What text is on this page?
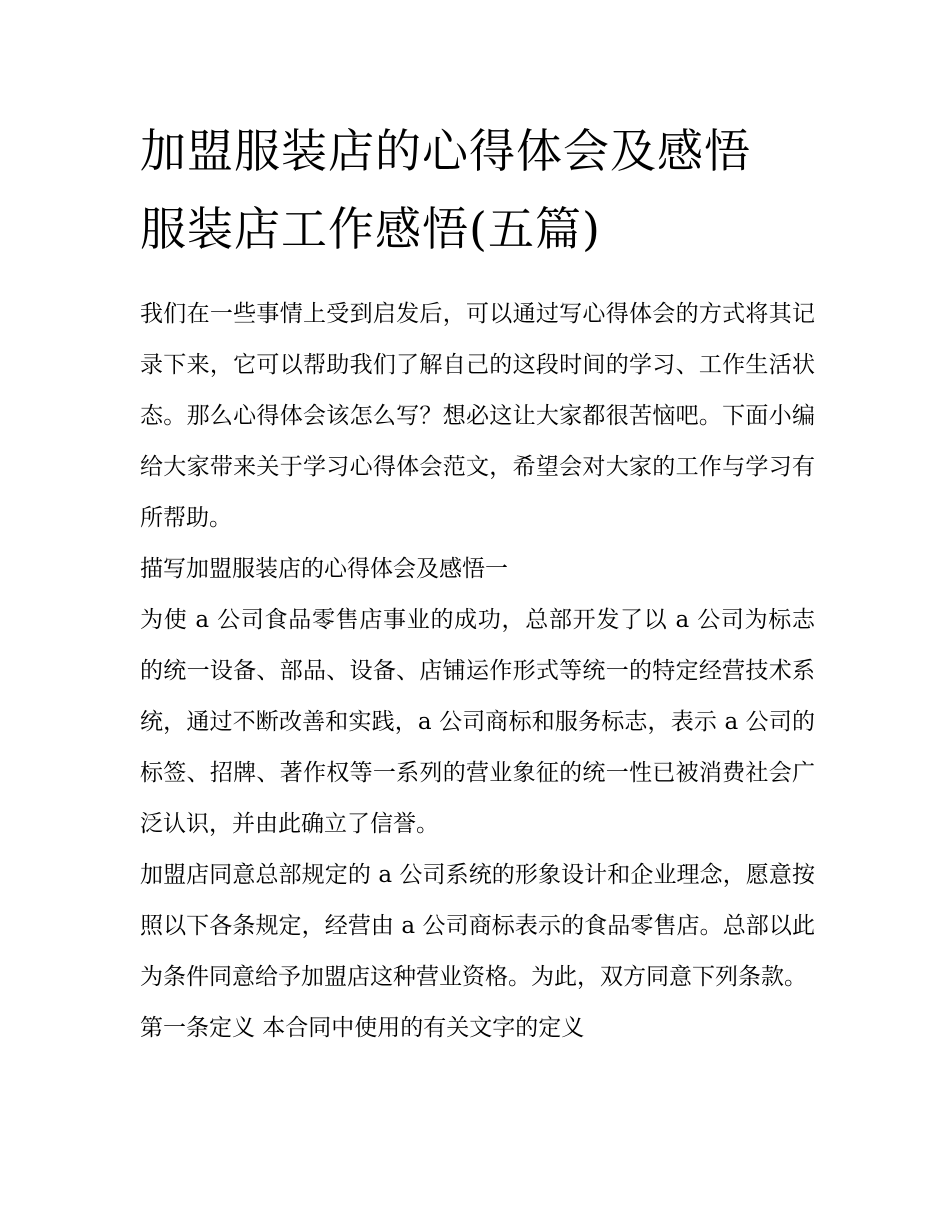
加盟服装店的心得体会及感悟
服装店工作感悟(五篇)

我们在一些事情上受到启发后，可以通过写心得体会的方式将其记录下来，它可以帮助我们了解自己的这段时间的学习、工作生活状态。那么心得体会该怎么写？想必这让大家都很苦恼吧。下面小编给大家带来关于学习心得体会范文，希望会对大家的工作与学习有所帮助。

描写加盟服装店的心得体会及感悟一

为使 a 公司食品零售店事业的成功，总部开发了以 a 公司为标志的统一设备、部品、设备、店铺运作形式等统一的特定经营技术系统，通过不断改善和实践，a 公司商标和服务标志，表示 a 公司的标签、招牌、著作权等一系列的营业象征的统一性已被消费社会广泛认识，并由此确立了信誉。

加盟店同意总部规定的 a 公司系统的形象设计和企业理念，愿意按照以下各条规定，经营由 a 公司商标表示的食品零售店。总部以此为条件同意给予加盟店这种营业资格。为此，双方同意下列条款。

第一条定义 本合同中使用的有关文字的定义
